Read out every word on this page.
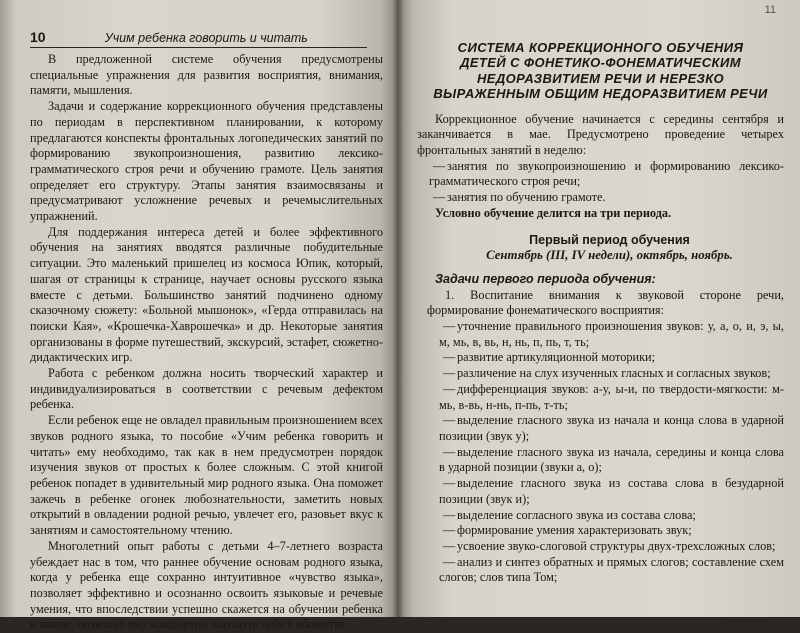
10	Учим ребенка говорить и читать

В предложенной системе обучения предусмотрены специальные упражнения для развития восприятия, внимания, памяти, мышления.

Задачи и содержание коррекционного обучения представлены по периодам в перспективном планировании, к которому предлагаются конспекты фронтальных логопедических занятий по формированию звукопроизношения, развитию лексико-грамматического строя речи и обучению грамоте. Цель занятия определяет его структуру. Этапы занятия взаимосвязаны и предусматривают усложнение речевых и речемыслительных упражнений.

Для поддержания интереса детей и более эффективного обучения на занятиях вводятся различные побудительные ситуации. Это маленький пришелец из космоса Юпик, который, шагая от страницы к странице, научает основы русского языка вместе с детьми. Большинство занятий подчинено одному сказочному сюжету: «Больной мышонок», «Герда отправилась на поиски Кая», «Крошечка-Хаврошечка» и др. Некоторые занятия организованы в форме путешествий, экскурсий, эстафет, сюжетно-дидактических игр.

Работа с ребенком должна носить творческий характер и индивидуализироваться в соответствии с речевым дефектом ребенка.

Если ребенок еще не овладел правильным произношением всех звуков родного языка, то пособие «Учим ребенка говорить и читать» ему необходимо, так как в нем предусмотрен порядок изучения звуков от простых к более сложным. С этой книгой ребенок попадет в удивительный мир родного языка. Она поможет зажечь в ребенке огонек любознательности, заметить новых открытий в овладении родной речью, увлечет его, разовьет вкус к занятиям и самостоятельному чтению.

Многолетний опыт работы с детьми 4–7-летнего возраста убеждает нас в том, что раннее обучение основам родного языка, когда у ребенка еще сохранно интуитивное «чувство языка», позволяет эффективно и осознанно освоить языковые и речевые умения, что впоследствии успешно скажется на обучении ребенка в школе, позволит ему комфортно ощущать себя в обществе.

11
СИСТЕМА КОРРЕКЦИОННОГО ОБУЧЕНИЯ
ДЕТЕЙ С ФОНЕТИКО-ФОНЕМАТИЧЕСКИМ
НЕДОРАЗВИТИЕМ РЕЧИ И НЕРЕЗКО
ВЫРАЖЕННЫМ ОБЩИМ НЕДОРАЗВИТИЕМ РЕЧИ

Коррекционное обучение начинается с середины сентября и заканчивается в мае. Предусмотрено проведение четырех фронтальных занятий в неделю:

— занятия по звукопроизношению и формированию лексико-грамматического строя речи;

— занятия по обучению грамоте.

Условно обучение делится на три периода.

Первый период обучения

Сентябрь (III, IV недели), октябрь, ноябрь.

Задачи первого периода обучения:

1. Воспитание внимания к звуковой стороне речи, формирование фонематического восприятия:

— уточнение правильного произношения звуков: у, а, о, и, э, ы, м, мь, в, вь, н, нь, п, пь, т, ть;

— развитие артикуляционной моторики;

— различение на слух изученных гласных и согласных звуков;

— дифференциация звуков: а-у, ы-и, по твердости-мягкости: м-мь, в-вь, н-нь, п-пь, т-ть;

— выделение гласного звука из начала и конца слова в ударной позиции (звук у);

— выделение гласного звука из начала, середины и конца слова в ударной позиции (звуки а, о);

— выделение гласного звука из состава слова в безударной позиции (звук и);

— выделение согласного звука из состава слова;

— формирование умения характеризовать звук;

— усвоение звуко-слоговой структуры двух-трехсложных слов;

— анализ и синтез обратных и прямых слогов; составление схем слогов; слов типа Том;
